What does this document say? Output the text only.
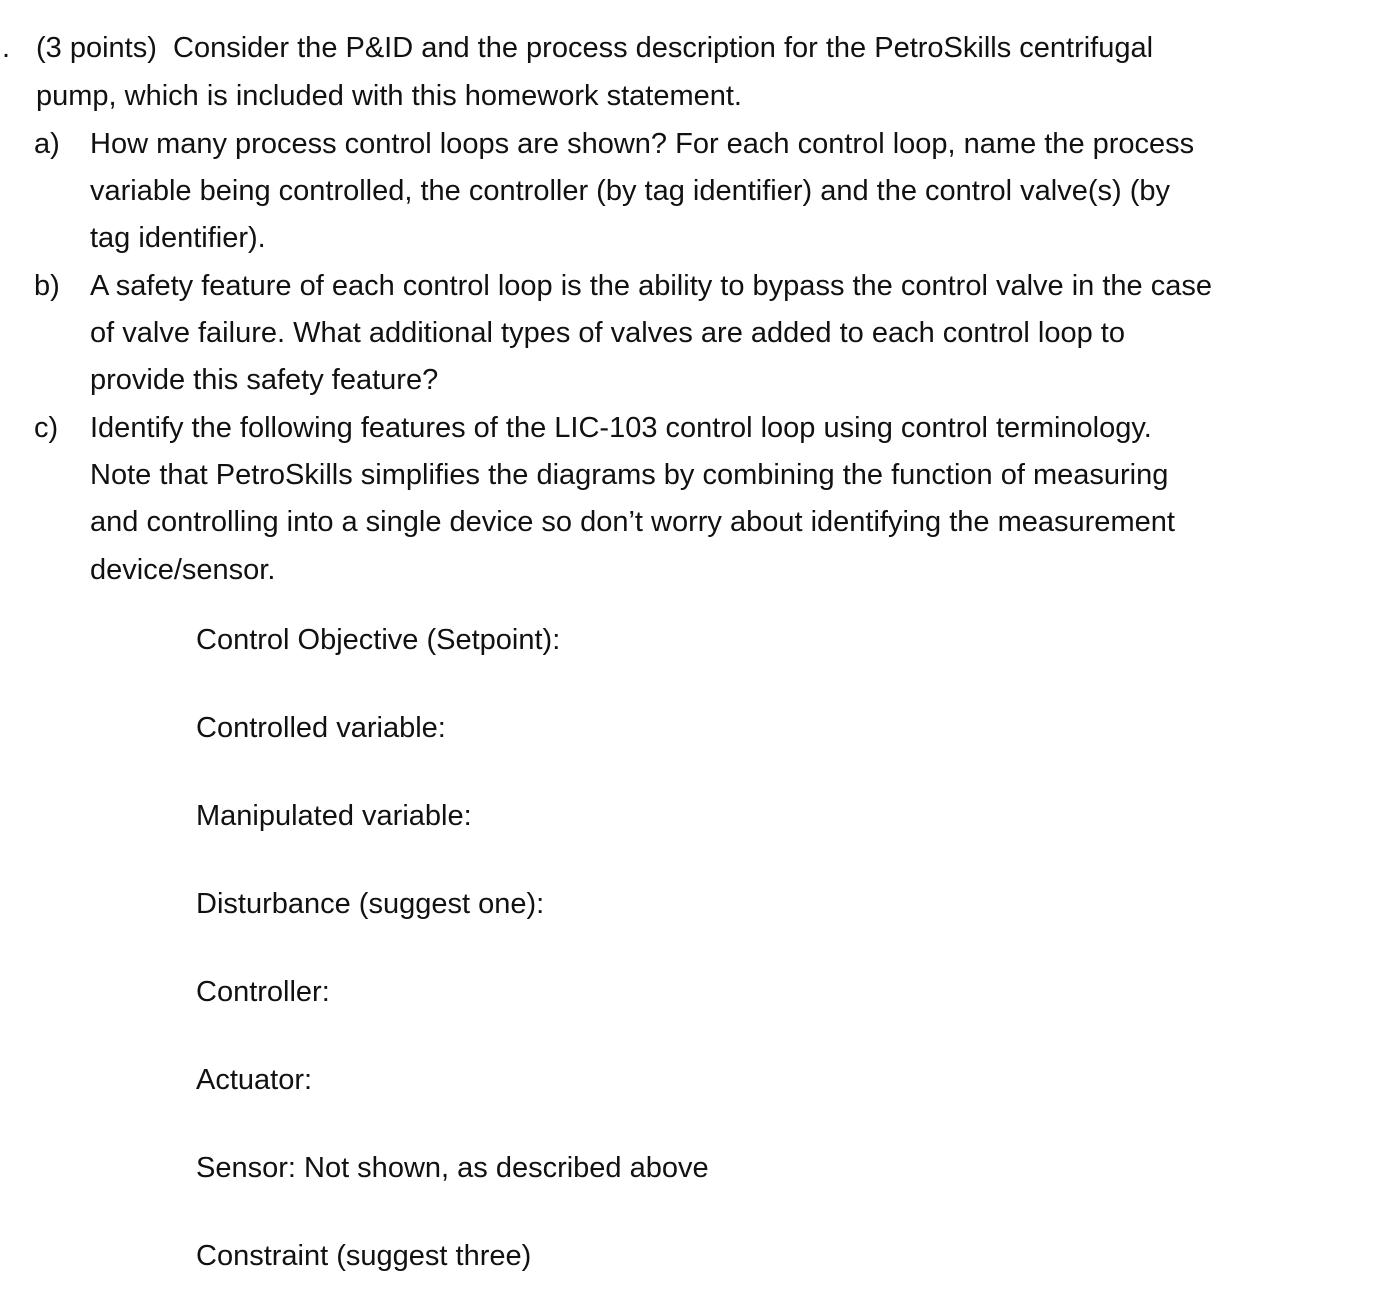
. (3 points) Consider the P&ID and the process description for the PetroSkills centrifugal
pump, which is included with this homework statement.
a) How many process control loops are shown? For each control loop, name the process
variable being controlled, the controller (by tag identifier) and the control valve(s) (by
tag identifier).
b) A safety feature of each control loop is the ability to bypass the control valve in the case
of valve failure. What additional types of valves are added to each control loop to
provide this safety feature?
c) Identify the following features of the LIC-103 control loop using control terminology.
Note that PetroSkills simplifies the diagrams by combining the function of measuring
and controlling into a single device so don’t worry about identifying the measurement
device/sensor.
Control Objective (Setpoint):
Controlled variable:
Manipulated variable:
Disturbance (suggest one):
Controller:
Actuator:
Sensor: Not shown, as described above
Constraint (suggest three)
